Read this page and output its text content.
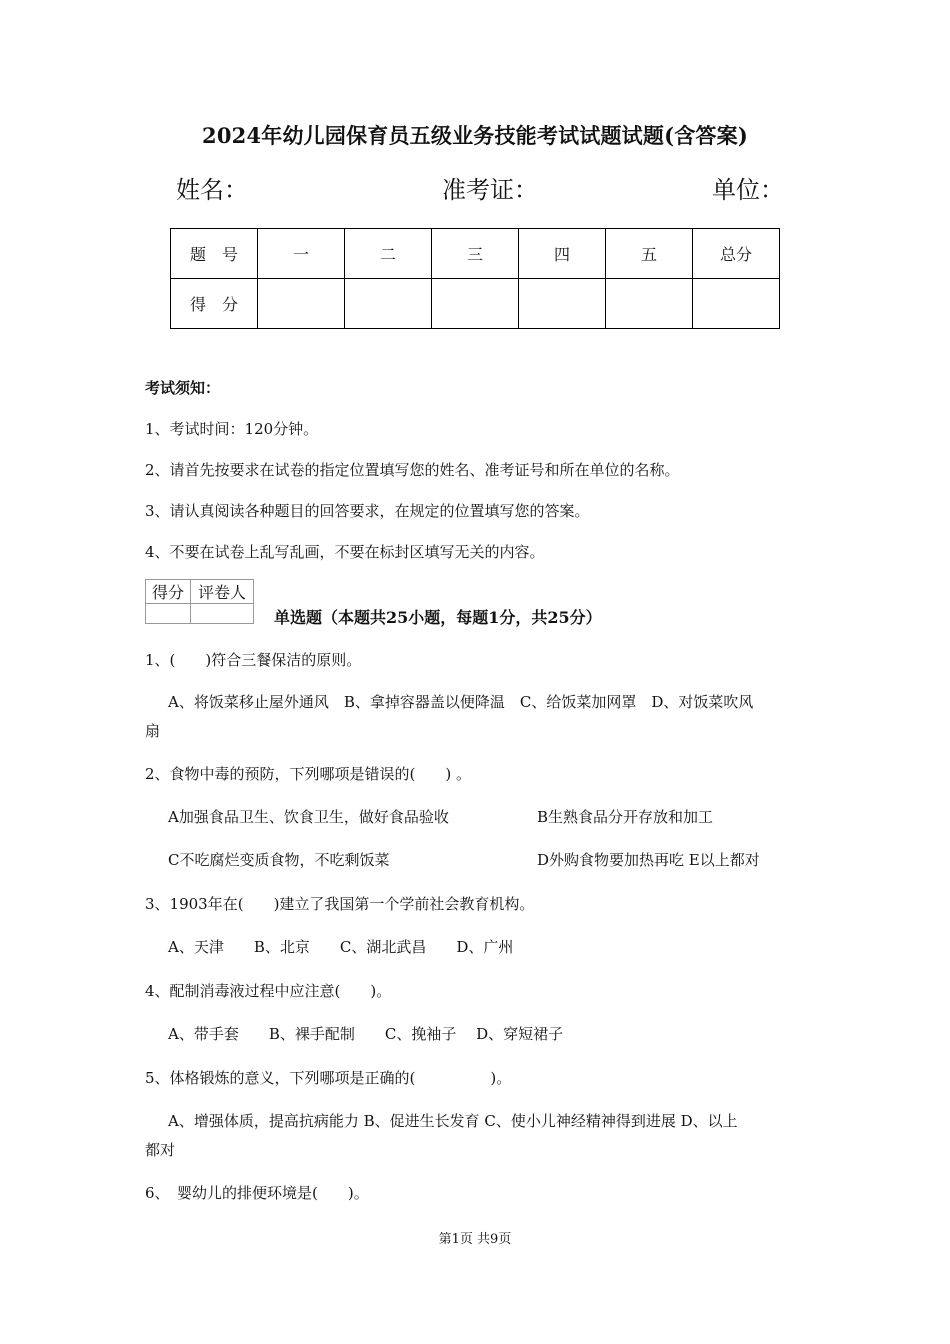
2024年幼儿园保育员五级业务技能考试试题试题(含答案)
姓名：	准考证：	单位：
题　号	一	二	三	四	五	总分
得　分						
考试须知：
1、考试时间：120分钟。
2、请首先按要求在试卷的指定位置填写您的姓名、准考证号和所在单位的名称。
3、请认真阅读各种题目的回答要求，在规定的位置填写您的答案。
4、不要在试卷上乱写乱画，不要在标封区填写无关的内容。
得分	评卷人

单选题（本题共25小题，每题1分，共25分）
1、(　　)符合三餐保洁的原则。
A、将饭菜移止屋外通风　B、拿掉容器盖以便降温　C、给饭菜加网罩　D、对饭菜吹风
扇
2、食物中毒的预防，下列哪项是错误的(　　) 。
A加强食品卫生、饮食卫生，做好食品验收	B生熟食品分开存放和加工
C不吃腐烂变质食物，不吃剩饭菜	D外购食物要加热再吃 E以上都对
3、1903年在(　　)建立了我国第一个学前社会教育机构。
A、天津　　B、北京　　C、湖北武昌　　D、广州
4、配制消毒液过程中应注意(　　)。
A、带手套　　B、裸手配制　　C、挽袖子　 D、穿短裙子
5、体格锻炼的意义，下列哪项是正确的(　　　　　)。
A、增强体质，提高抗病能力 B、促进生长发育 C、使小儿神经精神得到进展 D、以上
都对
6、　婴幼儿的排便环境是(　　)。
第1页 共9页
